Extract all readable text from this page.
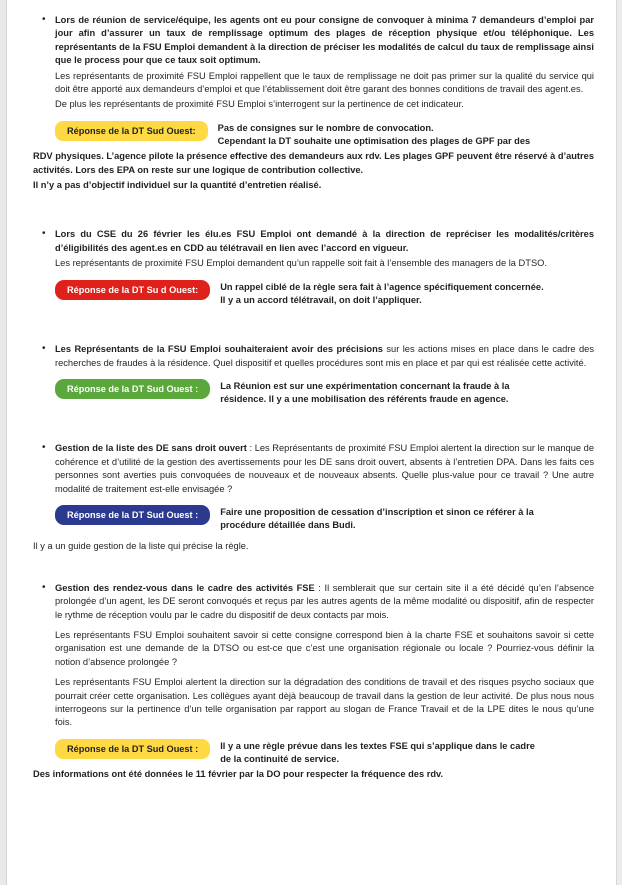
• Lors de réunion de service/équipe, les agents ont eu pour consigne de convoquer à minima 7 demandeurs d’emploi par jour afin d’assurer un taux de remplissage optimum des plages de réception physique et/ou téléphonique. Les représentants de la FSU Emploi demandent à la direction de préciser les modalités de calcul du taux de remplissage ainsi que le process pour que ce taux soit optimum.

Les représentants de proximité FSU Emploi rappellent que le taux de remplissage ne doit pas primer sur la qualité du service qui doit être apporté aux demandeurs d’emploi et que l’établissement doit être garant des bonnes conditions de travail des agent.es.

De plus les représentants de proximité FSU Emploi s’interrogent sur la pertinence de cet indicateur.

Réponse de la DT Sud Ouest:	Pas de consignes sur le nombre de convocation.
Cependant la DT souhaite une optimisation des plages de GPF par des
RDV physiques. L’agence pilote la présence effective des demandeurs aux rdv. Les plages GPF peuvent être réservé à d’autres activités. Lors des EPA on reste sur une logique de contribution collective.
Il n’y a pas d’objectif individuel sur la quantité d’entretien réalisé.

• Lors du CSE du 26 février les élu.es FSU Emploi ont demandé à la direction de repréciser les modalités/critères d’éligibilités des agent.es en CDD au télétravail en lien avec l’accord en vigueur.

Les représentants de proximité FSU Emploi demandent qu’un rappelle soit fait à l’ensemble des managers de la DTSO.

Réponse de la DT Su d Ouest:	Un rappel ciblé de la règle sera fait à l’agence spécifiquement concernée.
Il y a un accord télétravail, on doit l’appliquer.

• Les Représentants de la FSU Emploi souhaiteraient avoir des précisions sur les actions mises en place dans le cadre des recherches de fraudes à la résidence. Quel dispositif et quelles procédures sont mis en place et par qui est réalisée cette activité.

Réponse de la DT Sud Ouest :	La Réunion est sur une expérimentation concernant la fraude à la
résidence. Il y a une mobilisation des référents fraude en agence.

• Gestion de la liste des DE sans droit ouvert : Les Représentants de proximité FSU Emploi alertent la direction sur le manque de cohérence et d’utilité de la gestion des avertissements pour les DE sans droit ouvert, absents à l’entretien DPA. Dans les faits ces personnes sont averties puis convoquées de nouveaux et de nouveaux absents. Quelle plus-value pour ce travail ? Une autre modalité de traitement est-elle envisagée ?

Réponse de la DT Sud Ouest :	Faire une proposition de cessation d’inscription et sinon ce référer à la
procédure détaillée dans Budi.
Il y a un guide gestion de la liste qui précise la règle.

• Gestion des rendez-vous dans le cadre des activités FSE : Il semblerait que sur certain site il a été décidé qu’en l’absence prolongée d’un agent, les DE seront convoqués et reçus par les autres agents de la même modalité ou dispositif, afin de respecter le rythme de réception voulu par le cadre du dispositif de deux contacts par mois.

Les représentants FSU Emploi souhaitent savoir si cette consigne correspond bien à la charte FSE et souhaitons savoir si cette organisation est une demande de la DTSO ou est-ce que c’est une organisation régionale ou locale ? Pourriez-vous définir la notion d’absence prolongée ?

Les représentants FSU Emploi alertent la direction sur la dégradation des conditions de travail et des risques psycho sociaux que pourrait créer cette organisation. Les collègues ayant dèjà beaucoup de travail dans la gestion de leur activité. De plus nous nous interrogeons sur la pertinence d’un telle organisation par rapport au slogan de France Travail et de la LPE dites le nous qu’une fois.

Réponse de la DT Sud Ouest :	Il y a une règle prévue dans les textes FSE qui s’applique dans le cadre
de la continuité de service.
Des informations ont été données le 11 février par la DO pour respecter la fréquence des rdv.
